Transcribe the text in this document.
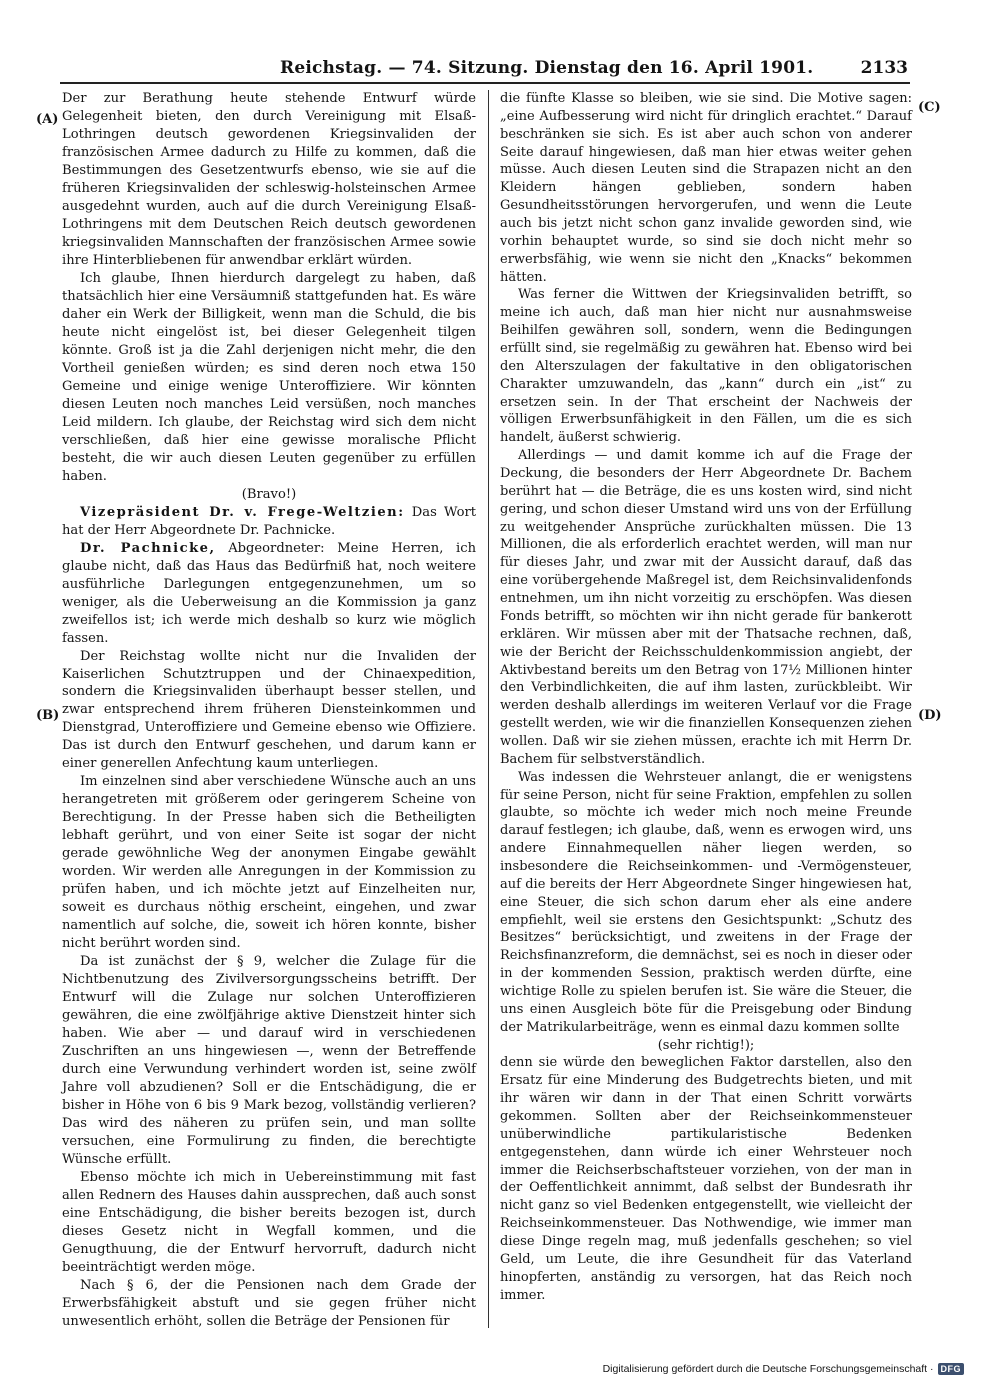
Reichstag. — 74. Sitzung. Dienstag den 16. April 1901.	2133
(A)
(B)
(C)
(D)

Der zur Berathung heute stehende Entwurf würde Gelegenheit bieten, den durch Vereinigung mit Elsaß-Lothringen deutsch gewordenen Kriegsinvaliden der französischen Armee dadurch zu Hilfe zu kommen, daß die Bestimmungen des Gesetzentwurfs ebenso, wie sie auf die früheren Kriegsinvaliden der schleswig-holsteinschen Armee ausgedehnt wurden, auch auf die durch Vereinigung Elsaß-Lothringens mit dem Deutschen Reich deutsch gewordenen kriegsinvaliden Mannschaften der französischen Armee sowie ihre Hinterbliebenen für anwendbar erklärt würden.

Ich glaube, Ihnen hierdurch dargelegt zu haben, daß thatsächlich hier eine Versäumniß stattgefunden hat. Es wäre daher ein Werk der Billigkeit, wenn man die Schuld, die bis heute nicht eingelöst ist, bei dieser Gelegenheit tilgen könnte. Groß ist ja die Zahl derjenigen nicht mehr, die den Vortheil genießen würden; es sind deren noch etwa 150 Gemeine und einige wenige Unteroffiziere. Wir könnten diesen Leuten noch manches Leid versüßen, noch manches Leid mildern. Ich glaube, der Reichstag wird sich dem nicht verschließen, daß hier eine gewisse moralische Pflicht besteht, die wir auch diesen Leuten gegenüber zu erfüllen haben.

(Bravo!)

Vizepräsident Dr. v. Frege-Weltzien: Das Wort hat der Herr Abgeordnete Dr. Pachnicke.

Dr. Pachnicke, Abgeordneter: Meine Herren, ich glaube nicht, daß das Haus das Bedürfniß hat, noch weitere ausführliche Darlegungen entgegenzunehmen, um so weniger, als die Ueberweisung an die Kommission ja ganz zweifellos ist; ich werde mich deshalb so kurz wie möglich fassen.

Der Reichstag wollte nicht nur die Invaliden der Kaiserlichen Schutztruppen und der Chinaexpedition, sondern die Kriegsinvaliden überhaupt besser stellen, und zwar entsprechend ihrem früheren Diensteinkommen und Dienstgrad, Unteroffiziere und Gemeine ebenso wie Offiziere. Das ist durch den Entwurf geschehen, und darum kann er einer generellen Anfechtung kaum unterliegen.

Im einzelnen sind aber verschiedene Wünsche auch an uns herangetreten mit größerem oder geringerem Scheine von Berechtigung. In der Presse haben sich die Betheiligten lebhaft gerührt, und von einer Seite ist sogar der nicht gerade gewöhnliche Weg der anonymen Eingabe gewählt worden. Wir werden alle Anregungen in der Kommission zu prüfen haben, und ich möchte jetzt auf Einzelheiten nur, soweit es durchaus nöthig erscheint, eingehen, und zwar namentlich auf solche, die, soweit ich hören konnte, bisher nicht berührt worden sind.

Da ist zunächst der § 9, welcher die Zulage für die Nichtbenutzung des Zivilversorgungsscheins betrifft. Der Entwurf will die Zulage nur solchen Unteroffizieren gewähren, die eine zwölfjährige aktive Dienstzeit hinter sich haben. Wie aber — und darauf wird in verschiedenen Zuschriften an uns hingewiesen —, wenn der Betreffende durch eine Verwundung verhindert worden ist, seine zwölf Jahre voll abzudienen? Soll er die Entschädigung, die er bisher in Höhe von 6 bis 9 Mark bezog, vollständig verlieren? Das wird des näheren zu prüfen sein, und man sollte versuchen, eine Formulirung zu finden, die berechtigte Wünsche erfüllt.

Ebenso möchte ich mich in Uebereinstimmung mit fast allen Rednern des Hauses dahin aussprechen, daß auch sonst eine Entschädigung, die bisher bereits bezogen ist, durch dieses Gesetz nicht in Wegfall kommen, und die Genugthuung, die der Entwurf hervorruft, dadurch nicht beeinträchtigt werden möge.

Nach § 6, der die Pensionen nach dem Grade der Erwerbsfähigkeit abstuft und sie gegen früher nicht unwesentlich erhöht, sollen die Beträge der Pensionen für

die fünfte Klasse so bleiben, wie sie sind. Die Motive sagen: „eine Aufbesserung wird nicht für dringlich erachtet.“ Darauf beschränken sie sich. Es ist aber auch schon von anderer Seite darauf hingewiesen, daß man hier etwas weiter gehen müsse. Auch diesen Leuten sind die Strapazen nicht an den Kleidern hängen geblieben, sondern haben Gesundheitsstörungen hervorgerufen, und wenn die Leute auch bis jetzt nicht schon ganz invalide geworden sind, wie vorhin behauptet wurde, so sind sie doch nicht mehr so erwerbsfähig, wie wenn sie nicht den „Knacks“ bekommen hätten.

Was ferner die Wittwen der Kriegsinvaliden betrifft, so meine ich auch, daß man hier nicht nur ausnahmsweise Beihilfen gewähren soll, sondern, wenn die Bedingungen erfüllt sind, sie regelmäßig zu gewähren hat. Ebenso wird bei den Alterszulagen der fakultative in den obligatorischen Charakter umzuwandeln, das „kann“ durch ein „ist“ zu ersetzen sein. In der That erscheint der Nachweis der völligen Erwerbsunfähigkeit in den Fällen, um die es sich handelt, äußerst schwierig.

Allerdings — und damit komme ich auf die Frage der Deckung, die besonders der Herr Abgeordnete Dr. Bachem berührt hat — die Beträge, die es uns kosten wird, sind nicht gering, und schon dieser Umstand wird uns von der Erfüllung zu weitgehender Ansprüche zurückhalten müssen. Die 13 Millionen, die als erforderlich erachtet werden, will man nur für dieses Jahr, und zwar mit der Aussicht darauf, daß das eine vorübergehende Maßregel ist, dem Reichsinvalidenfonds entnehmen, um ihn nicht vorzeitig zu erschöpfen. Was diesen Fonds betrifft, so möchten wir ihn nicht gerade für bankerott erklären. Wir müssen aber mit der Thatsache rechnen, daß, wie der Bericht der Reichsschuldenkommission angiebt, der Aktivbestand bereits um den Betrag von 17½ Millionen hinter den Verbindlichkeiten, die auf ihm lasten, zurückbleibt. Wir werden deshalb allerdings im weiteren Verlauf vor die Frage gestellt werden, wie wir die finanziellen Konsequenzen ziehen wollen. Daß wir sie ziehen müssen, erachte ich mit Herrn Dr. Bachem für selbstverständlich.

Was indessen die Wehrsteuer anlangt, die er wenigstens für seine Person, nicht für seine Fraktion, empfehlen zu sollen glaubte, so möchte ich weder mich noch meine Freunde darauf festlegen; ich glaube, daß, wenn es erwogen wird, uns andere Einnahmequellen näher liegen werden, so insbesondere die Reichseinkommen- und -Vermögensteuer, auf die bereits der Herr Abgeordnete Singer hingewiesen hat, eine Steuer, die sich schon darum eher als eine andere empfiehlt, weil sie erstens den Gesichtspunkt: „Schutz des Besitzes“ berücksichtigt, und zweitens in der Frage der Reichsfinanzreform, die demnächst, sei es noch in dieser oder in der kommenden Session, praktisch werden dürfte, eine wichtige Rolle zu spielen berufen ist. Sie wäre die Steuer, die uns einen Ausgleich böte für die Preisgebung oder Bindung der Matrikularbeiträge, wenn es einmal dazu kommen sollte

(sehr richtig!);

denn sie würde den beweglichen Faktor darstellen, also den Ersatz für eine Minderung des Budgetrechts bieten, und mit ihr wären wir dann in der That einen Schritt vorwärts gekommen. Sollten aber der Reichseinkommensteuer unüberwindliche partikularistische Bedenken entgegenstehen, dann würde ich einer Wehrsteuer noch immer die Reichserbschaftsteuer vorziehen, von der man in der Oeffentlichkeit annimmt, daß selbst der Bundesrath ihr nicht ganz so viel Bedenken entgegenstellt, wie vielleicht der Reichseinkommensteuer. Das Nothwendige, wie immer man diese Dinge regeln mag, muß jedenfalls geschehen; so viel Geld, um Leute, die ihre Gesundheit für das Vaterland hinopferten, anständig zu versorgen, hat das Reich noch immer.

Digitalisierung gefördert durch die Deutsche Forschungsgemeinschaft · DFG
